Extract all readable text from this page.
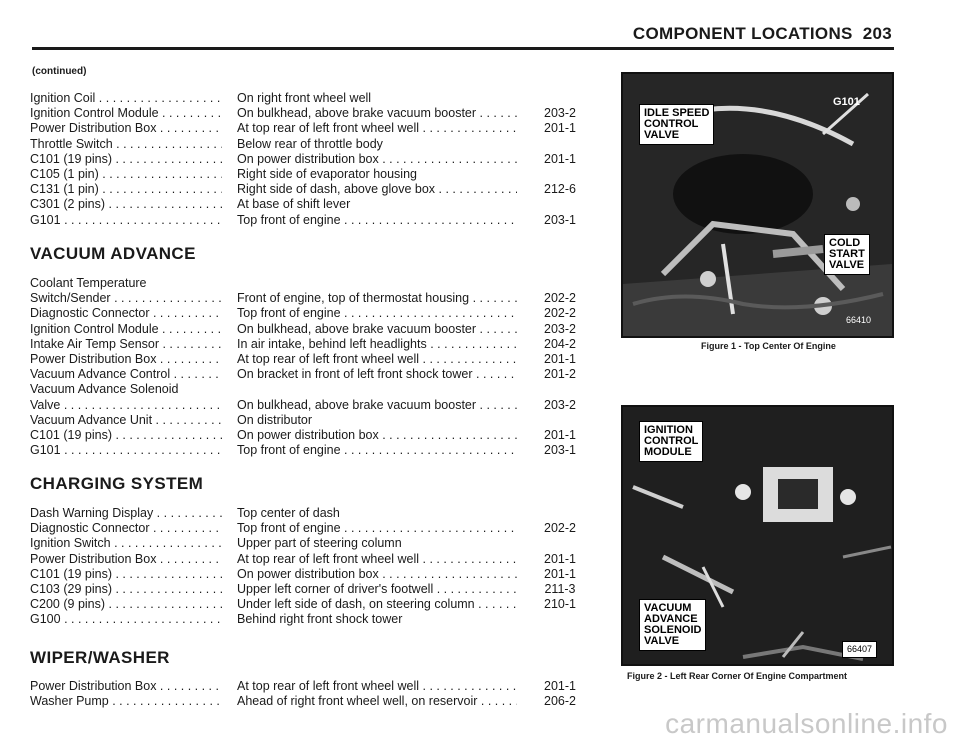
COMPONENT LOCATIONS 203
(continued)
Ignition Coil . . .	On right front wheel well
Ignition Control Module . . .	On bulkhead, above brake vacuum booster . . .	203-2
Power Distribution Box . . .	At top rear of left front wheel well . . .	201-1
Throttle Switch . . .	Below rear of throttle body
C101 (19 pins) . . .	On power distribution box . . .	201-1
C105 (1 pin) . . .	Right side of evaporator housing
C131 (1 pin) . . .	Right side of dash, above glove box . . .	212-6
C301 (2 pins) . . .	At base of shift lever
G101 . . .	Top front of engine . . .	203-1
VACUUM ADVANCE
Coolant Temperature
Switch/Sender . . .	Front of engine, top of thermostat housing . . .	202-2
Diagnostic Connector . . .	Top front of engine . . .	202-2
Ignition Control Module . . .	On bulkhead, above brake vacuum booster . . .	203-2
Intake Air Temp Sensor . . .	In air intake, behind left headlights . . .	204-2
Power Distribution Box . . .	At top rear of left front wheel well . . .	201-1
Vacuum Advance Control . . .	On bracket in front of left front shock tower . . .	201-2
Vacuum Advance Solenoid
Valve . . .	On bulkhead, above brake vacuum booster . . .	203-2
Vacuum Advance Unit . . .	On distributor
C101 (19 pins) . . .	On power distribution box . . .	201-1
G101 . . .	Top front of engine . . .	203-1
CHARGING SYSTEM
Dash Warning Display . . .	Top center of dash
Diagnostic Connector . . .	Top front of engine . . .	202-2
Ignition Switch . . .	Upper part of steering column
Power Distribution Box . . .	At top rear of left front wheel well . . .	201-1
C101 (19 pins) . . .	On power distribution box . . .	201-1
C103 (29 pins) . . .	Upper left corner of driver's footwell . . .	211-3
C200 (9 pins) . . .	Under left side of dash, on steering column . . .	210-1
G100 . . .	Behind right front shock tower
WIPER/WASHER
Power Distribution Box . . .	At top rear of left front wheel well . . .	201-1
Washer Pump . . .	Ahead of right front wheel well, on reservoir . . .	206-2
IDLE SPEED
CONTROL
VALVE
G101
COLD
START
VALVE
66410
Figure 1 - Top Center Of Engine
IGNITION
CONTROL
MODULE
VACUUM
ADVANCE
SOLENOID
VALVE
66407
Figure 2 - Left Rear Corner Of Engine Compartment
carmanualsonline.info
